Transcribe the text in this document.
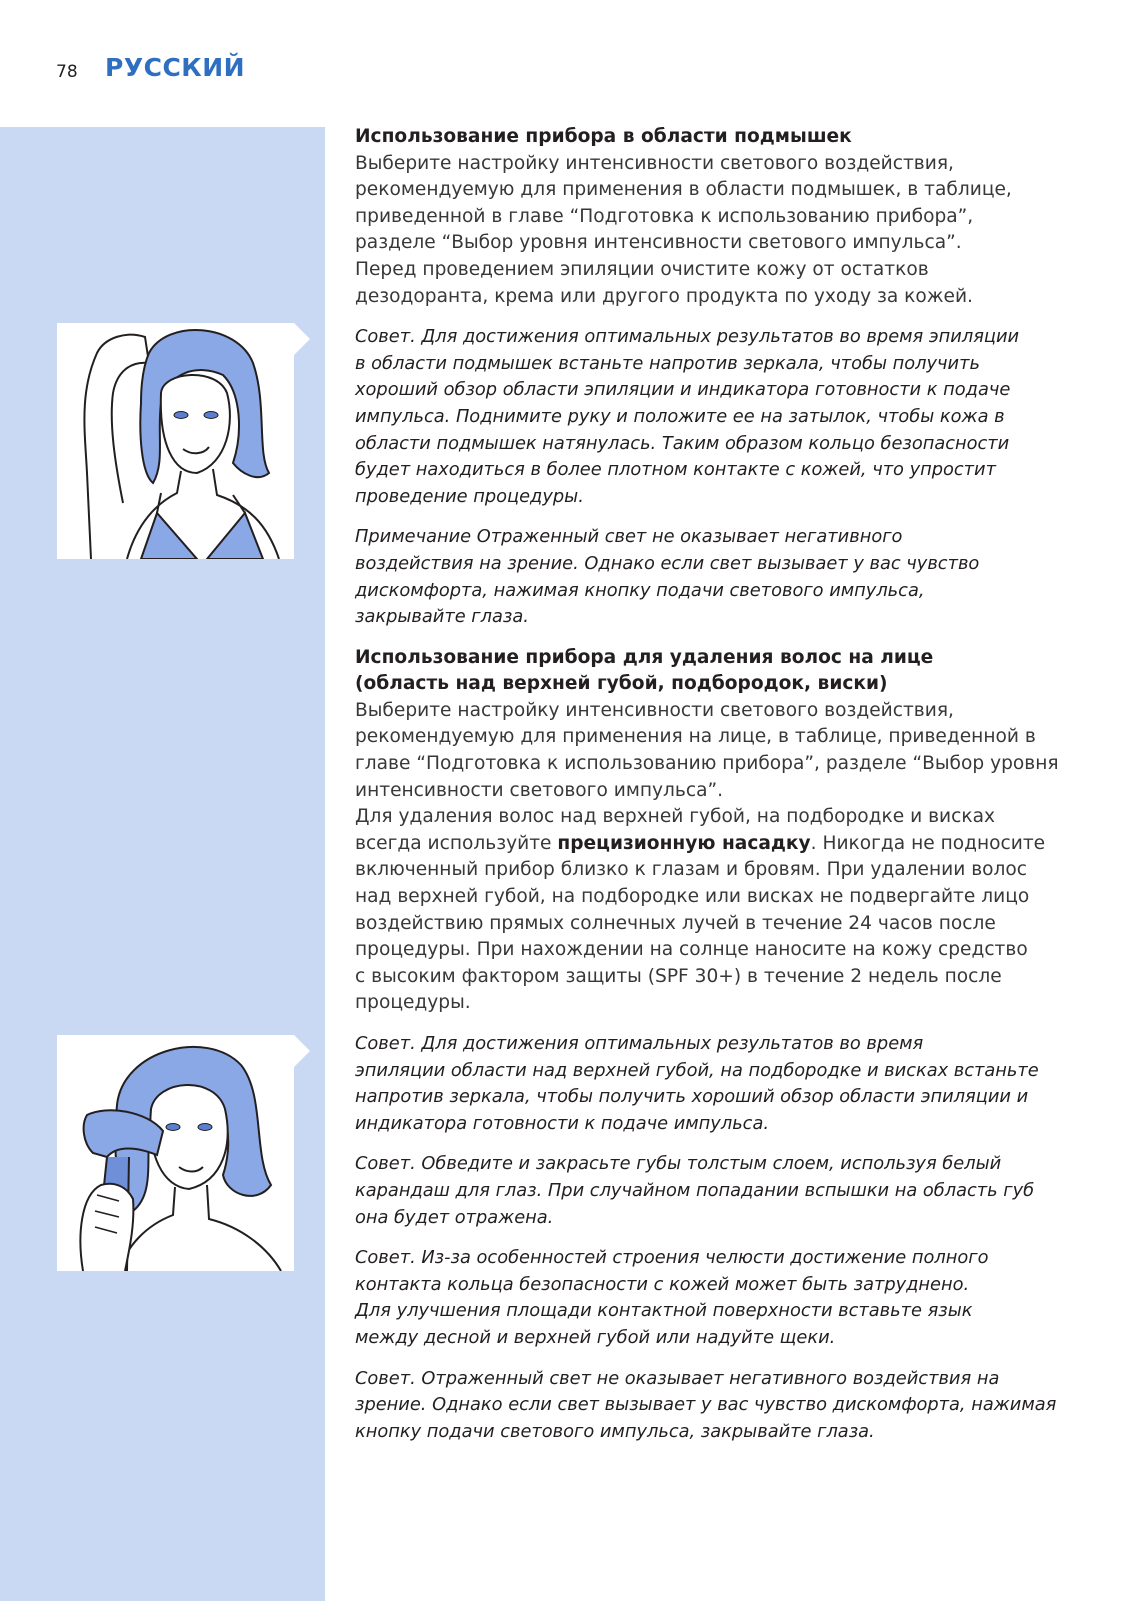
78 РУССКИЙ

Использование прибора в области подмышек

Выберите настройку интенсивности светового воздействия,

рекомендуемую для применения в области подмышек, в таблице,

приведенной в главе “Подготовка к использованию прибора”,

разделе “Выбор уровня интенсивности светового импульса”.

Перед проведением эпиляции очистите кожу от остатков

дезодоранта, крема или другого продукта по уходу за кожей.

Совет. Для достижения оптимальных результатов во время эпиляции

в области подмышек встаньте напротив зеркала, чтобы получить

хороший обзор области эпиляции и индикатора готовности к подаче

импульса. Поднимите руку и положите ее на затылок, чтобы кожа в

области подмышек натянулась. Таким образом кольцо безопасности

будет находиться в более плотном контакте с кожей, что упростит

проведение процедуры.

Примечание Отраженный свет не оказывает негативного

воздействия на зрение. Однако если свет вызывает у вас чувство

дискомфорта, нажимая кнопку подачи светового импульса,

закрывайте глаза.

Использование прибора для удаления волос на лице

(область над верхней губой, подбородок, виски)

Выберите настройку интенсивности светового воздействия,

рекомендуемую для применения на лице, в таблице, приведенной в

главе “Подготовка к использованию прибора”, разделе “Выбор уровня

интенсивности светового импульса”.

Для удаления волос над верхней губой, на подбородке и висках

всегда используйте прецизионную насадку. Никогда не подносите

включенный прибор близко к глазам и бровям. При удалении волос

над верхней губой, на подбородке или висках не подвергайте лицо

воздействию прямых солнечных лучей в течение 24 часов после

процедуры. При нахождении на солнце наносите на кожу средство

с высоким фактором защиты (SPF 30+) в течение 2 недель после

процедуры.

Совет. Для достижения оптимальных результатов во время

эпиляции области над верхней губой, на подбородке и висках встаньте

напротив зеркала, чтобы получить хороший обзор области эпиляции и

индикатора готовности к подаче импульса.

Совет. Обведите и закрасьте губы толстым слоем, используя белый

карандаш для глаз. При случайном попадании вспышки на область губ

она будет отражена.

Совет. Из-за особенностей строения челюсти достижение полного

контакта кольца безопасности с кожей может быть затруднено.

Для улучшения площади контактной поверхности вставьте язык

между десной и верхней губой или надуйте щеки.

Совет. Отраженный свет не оказывает негативного воздействия на

зрение. Однако если свет вызывает у вас чувство дискомфорта, нажимая

кнопку подачи светового импульса, закрывайте глаза.
